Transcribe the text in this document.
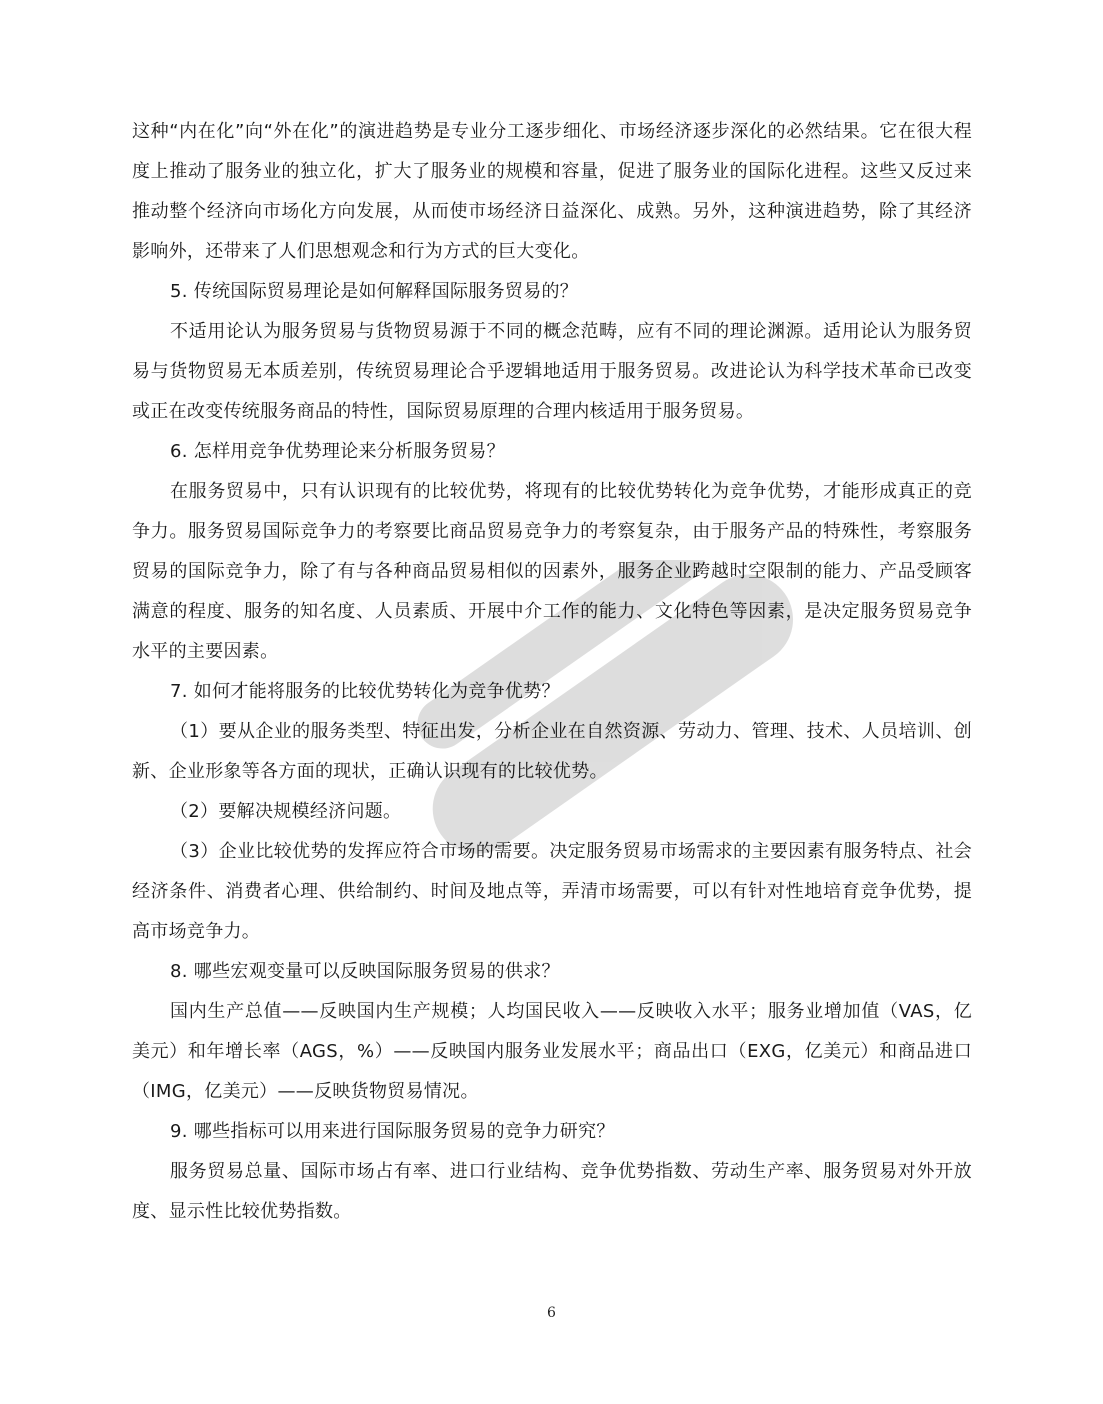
这种“内在化”向“外在化”的演进趋势是专业分工逐步细化、市场经济逐步深化的必然结果。它在很大程度上推动了服务业的独立化，扩大了服务业的规模和容量，促进了服务业的国际化进程。这些又反过来推动整个经济向市场化方向发展，从而使市场经济日益深化、成熟。另外，这种演进趋势，除了其经济影响外，还带来了人们思想观念和行为方式的巨大变化。

5. 传统国际贸易理论是如何解释国际服务贸易的？

不适用论认为服务贸易与货物贸易源于不同的概念范畴，应有不同的理论渊源。适用论认为服务贸易与货物贸易无本质差别，传统贸易理论合乎逻辑地适用于服务贸易。改进论认为科学技术革命已改变或正在改变传统服务商品的特性，国际贸易原理的合理内核适用于服务贸易。

6. 怎样用竞争优势理论来分析服务贸易？

在服务贸易中，只有认识现有的比较优势，将现有的比较优势转化为竞争优势，才能形成真正的竞争力。服务贸易国际竞争力的考察要比商品贸易竞争力的考察复杂，由于服务产品的特殊性，考察服务贸易的国际竞争力，除了有与各种商品贸易相似的因素外，服务企业跨越时空限制的能力、产品受顾客满意的程度、服务的知名度、人员素质、开展中介工作的能力、文化特色等因素，是决定服务贸易竞争水平的主要因素。

7. 如何才能将服务的比较优势转化为竞争优势？

（1）要从企业的服务类型、特征出发，分析企业在自然资源、劳动力、管理、技术、人员培训、创新、企业形象等各方面的现状，正确认识现有的比较优势。

（2）要解决规模经济问题。

（3）企业比较优势的发挥应符合市场的需要。决定服务贸易市场需求的主要因素有服务特点、社会经济条件、消费者心理、供给制约、时间及地点等，弄清市场需要，可以有针对性地培育竞争优势，提高市场竞争力。

8. 哪些宏观变量可以反映国际服务贸易的供求？

国内生产总值——反映国内生产规模；人均国民收入——反映收入水平；服务业增加值（VAS，亿美元）和年增长率（AGS，%）——反映国内服务业发展水平；商品出口（EXG，亿美元）和商品进口（IMG，亿美元）——反映货物贸易情况。

9. 哪些指标可以用来进行国际服务贸易的竞争力研究？

服务贸易总量、国际市场占有率、进口行业结构、竞争优势指数、劳动生产率、服务贸易对外开放度、显示性比较优势指数。

6
